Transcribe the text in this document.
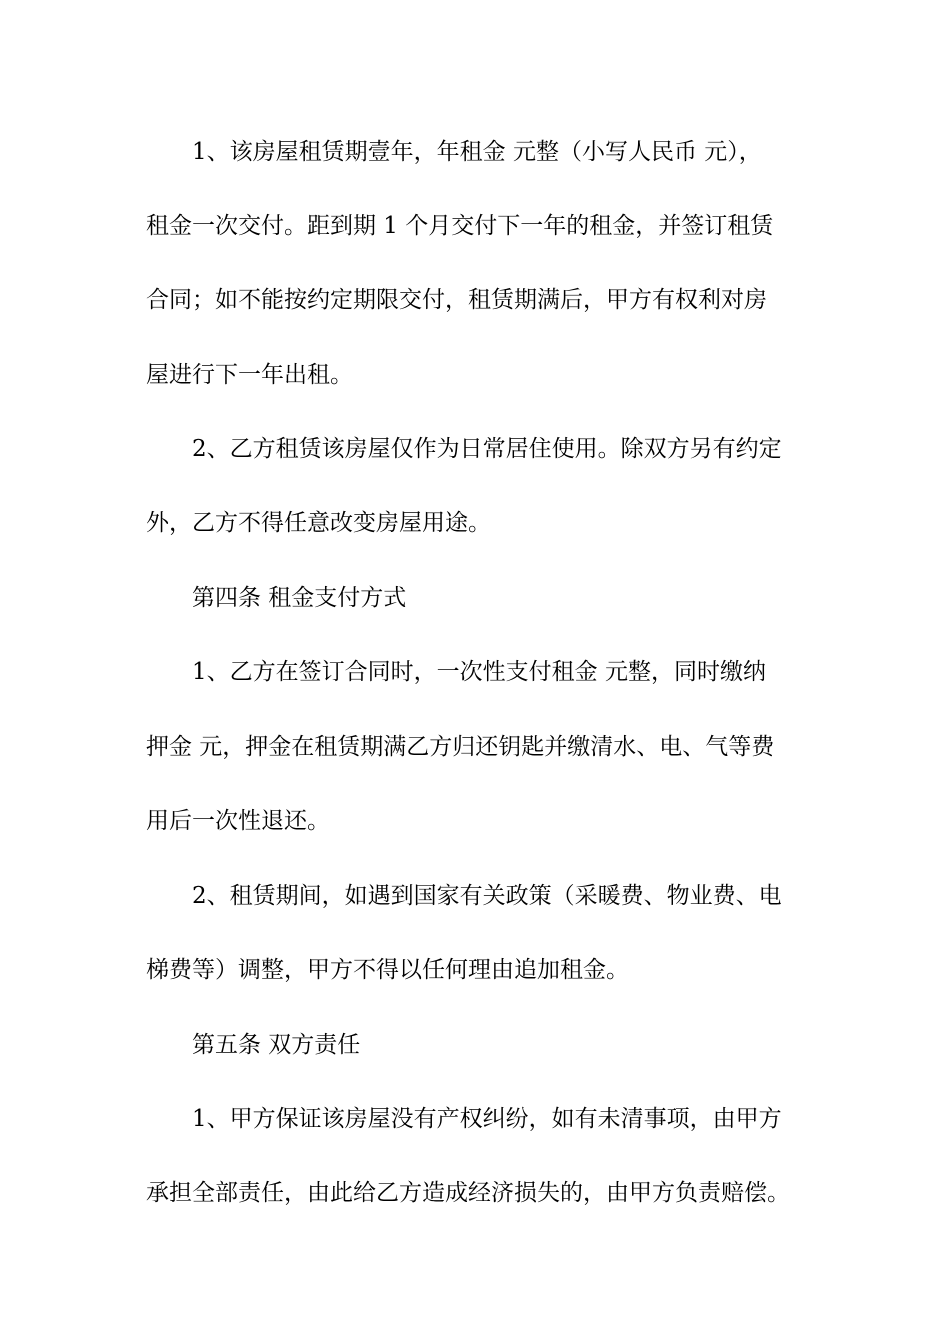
1、该房屋租赁期壹年，年租金 元整（小写人民币 元），
租金一次交付。距到期 1 个月交付下一年的租金，并签订租赁
合同；如不能按约定期限交付，租赁期满后，甲方有权利对房
屋进行下一年出租。
2、乙方租赁该房屋仅作为日常居住使用。除双方另有约定
外，乙方不得任意改变房屋用途。
第四条 租金支付方式
1、乙方在签订合同时，一次性支付租金 元整，同时缴纳
押金 元，押金在租赁期满乙方归还钥匙并缴清水、电、气等费
用后一次性退还。
2、租赁期间，如遇到国家有关政策（采暖费、物业费、电
梯费等）调整，甲方不得以任何理由追加租金。
第五条 双方责任
1、甲方保证该房屋没有产权纠纷，如有未清事项，由甲方
承担全部责任，由此给乙方造成经济损失的，由甲方负责赔偿。
